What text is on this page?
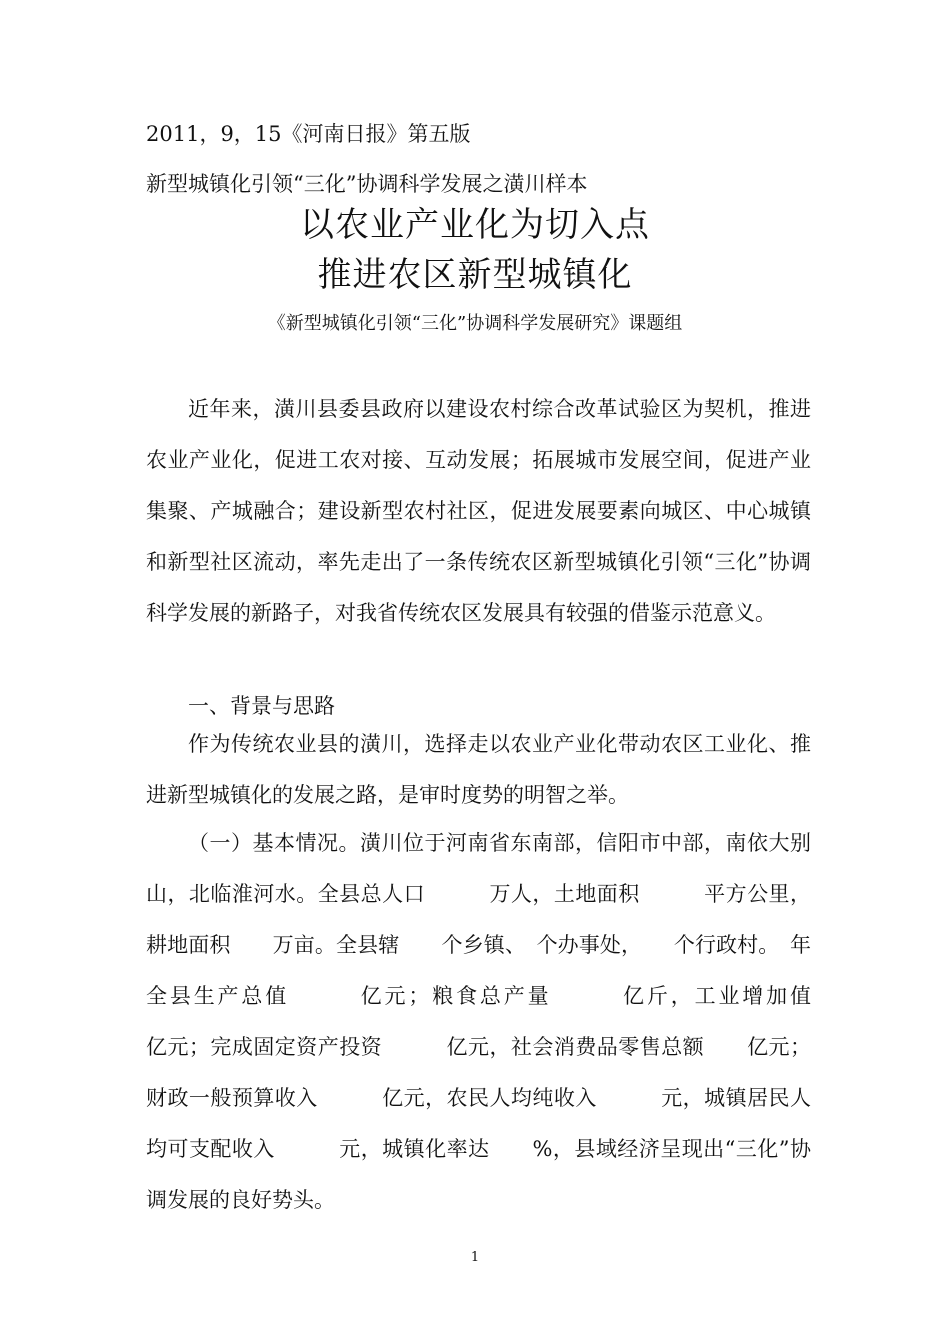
2011，9，15《河南日报》第五版
新型城镇化引领“三化”协调科学发展之潢川样本
以农业产业化为切入点
推进农区新型城镇化
《新型城镇化引领“三化”协调科学发展研究》课题组

近年来，潢川县委县政府以建设农村综合改革试验区为契机，推进农业产业化，促进工农对接、互动发展；拓展城市发展空间，促进产业集聚、产城融合；建设新型农村社区，促进发展要素向城区、中心城镇和新型社区流动，率先走出了一条传统农区新型城镇化引领“三化”协调科学发展的新路子，对我省传统农区发展具有较强的借鉴示范意义。

一、背景与思路

作为传统农业县的潢川，选择走以农业产业化带动农区工业化、推进新型城镇化的发展之路，是审时度势的明智之举。

（一）基本情况。潢川位于河南省东南部，信阳市中部，南依大别山，北临淮河水。全县总人口　　　万人，土地面积　　　平方公里，耕地面积　　万亩。全县辖　　个乡镇、　个办事处，　　个行政村。　年全县生产总值　　　亿元；粮食总产量　　　亿斤，工业增加值　　　亿元；完成固定资产投资　　　亿元，社会消费品零售总额　　亿元；财政一般预算收入　　　亿元，农民人均纯收入　　　元，城镇居民人均可支配收入　　　元，城镇化率达　　%，县域经济呈现出“三化”协调发展的良好势头。

1
